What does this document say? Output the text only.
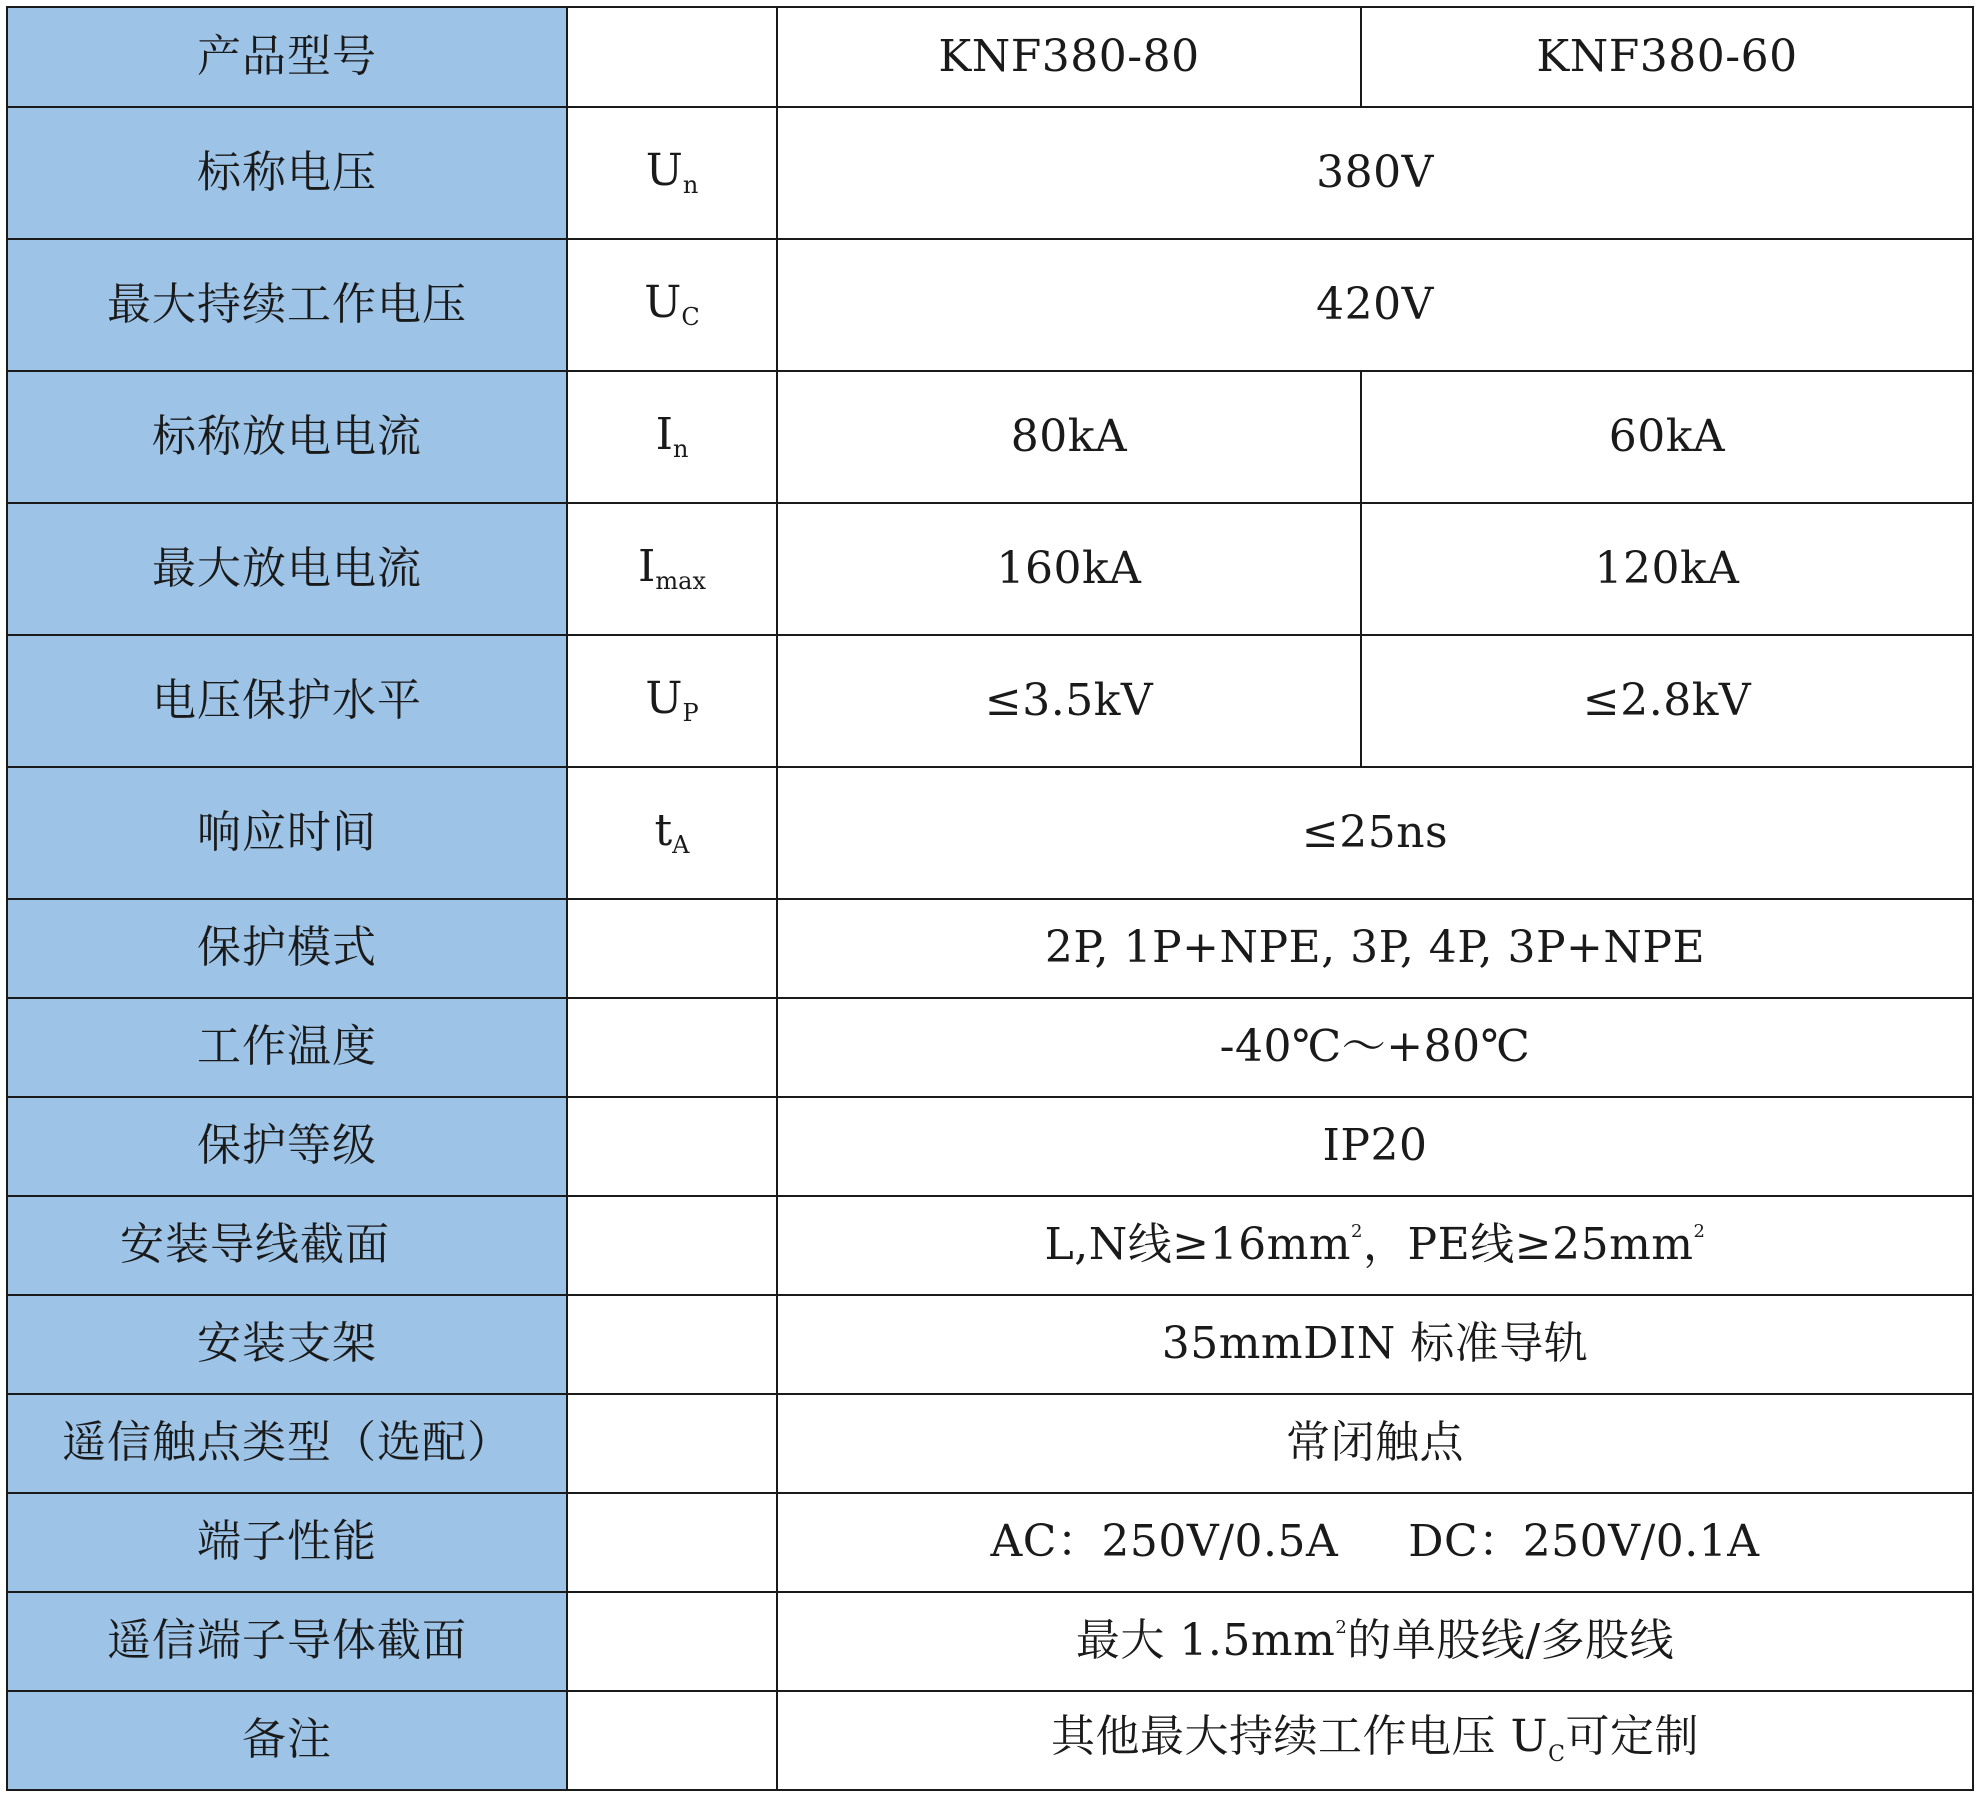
产品型号		KNF380-80	KNF380-60
标称电压	$U_n$	380V	
最大持续工作电压	$U_C$	420V	
标称放电电流	$I_n$	80kA	60kA
最大放电电流	$I_{max}$	160kA	120kA
电压保护水平	$U_P$	≤3.5kV	≤2.8kV
响应时间	$t_A$	≤25ns	
保护模式		2P, 1P+NPE, 3P, 4P, 3P+NPE	
工作温度		-40℃～+80℃	
保护等级		IP20	
安装导线截面		L,N线$\ge 16mm^2$，PE线$\ge 25mm^2$
安装支架		35mmDIN 标准导轨	
遥信触点类型（选配）		常闭触点	
端子性能		AC：250V/0.5A DC：250V/0.1A	
遥信端子导体截面		最大 $1.5mm^2$的单股线/多股线	
备注		其他最大持续工作电压 $U_C$可定制	
